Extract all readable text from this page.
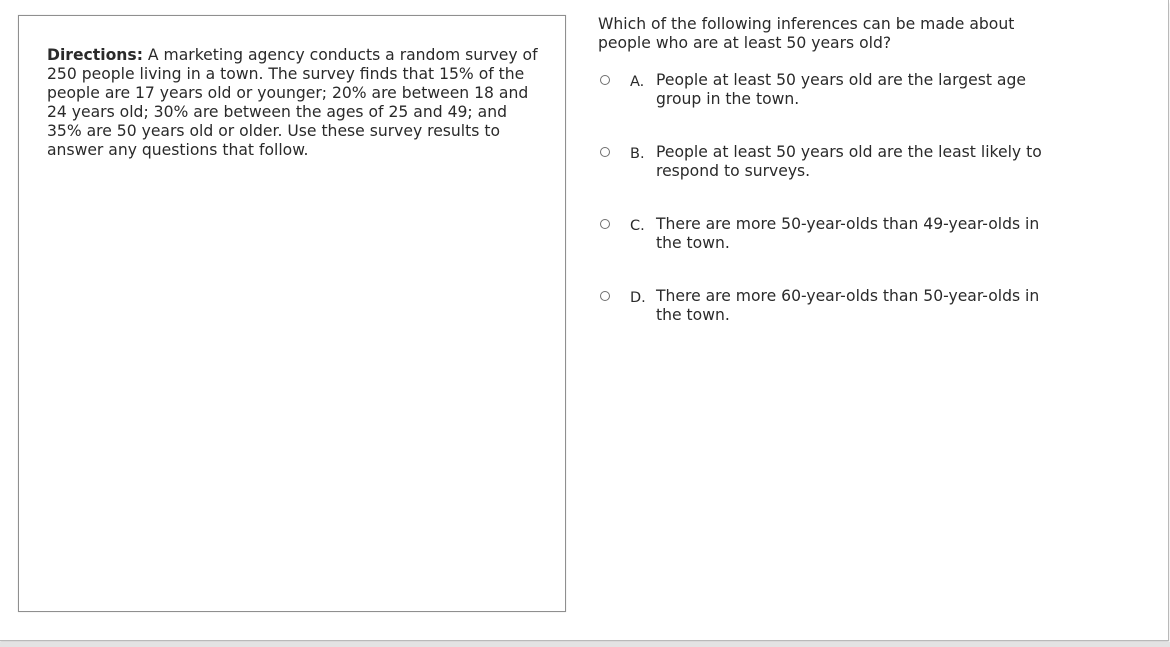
Directions: A marketing agency conducts a random survey of 250 people living in a town. The survey finds that 15% of the people are 17 years old or younger; 20% are between 18 and 24 years old; 30% are between the ages of 25 and 49; and 35% are 50 years old or older. Use these survey results to answer any questions that follow.

Which of the following inferences can be made about people who are at least 50 years old?

A. People at least 50 years old are the largest age group in the town.
B. People at least 50 years old are the least likely to respond to surveys.
C. There are more 50-year-olds than 49-year-olds in the town.
D. There are more 60-year-olds than 50-year-olds in the town.
